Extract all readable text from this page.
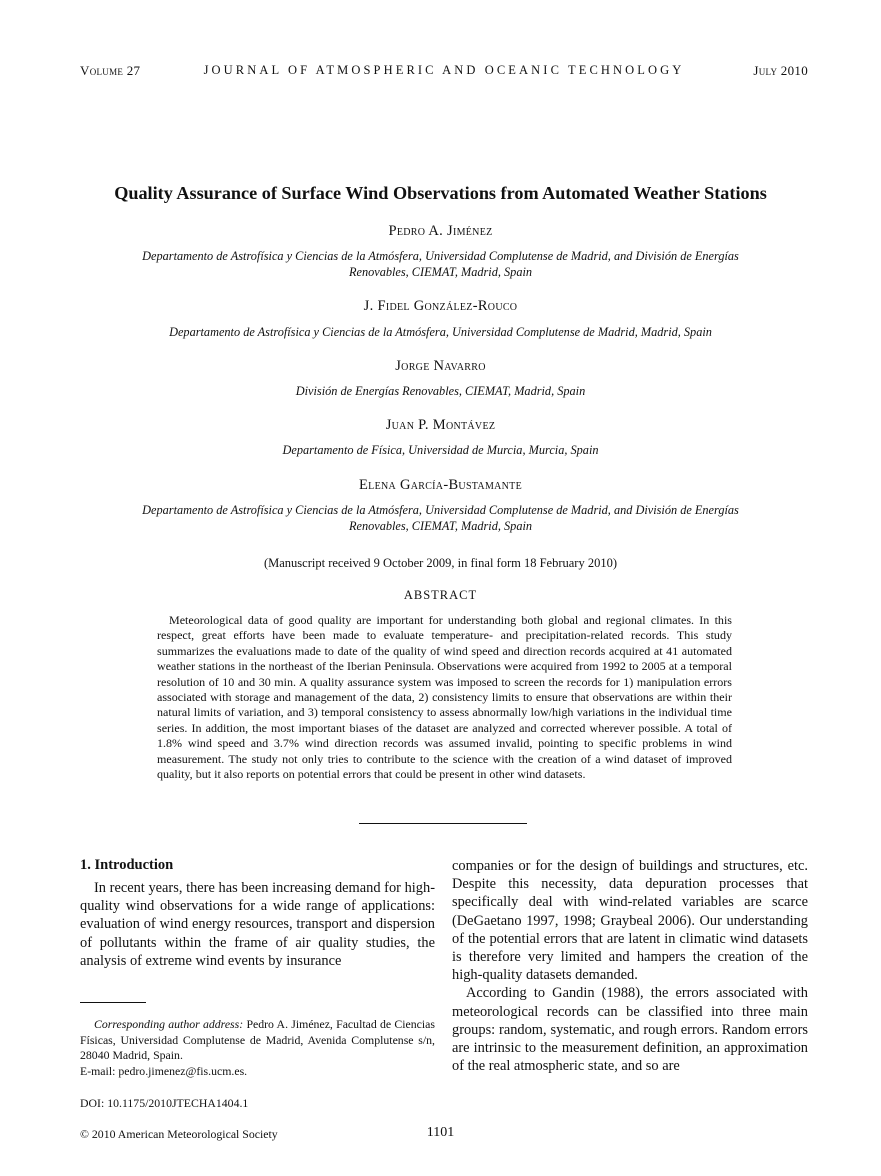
Volume 27	JOURNAL OF ATMOSPHERIC AND OCEANIC TECHNOLOGY	July 2010
Quality Assurance of Surface Wind Observations from Automated Weather Stations
Pedro A. Jiménez
Departamento de Astrofísica y Ciencias de la Atmósfera, Universidad Complutense de Madrid, and División de Energías Renovables, CIEMAT, Madrid, Spain
J. Fidel González-Rouco
Departamento de Astrofísica y Ciencias de la Atmósfera, Universidad Complutense de Madrid, Madrid, Spain
Jorge Navarro
División de Energías Renovables, CIEMAT, Madrid, Spain
Juan P. Montávez
Departamento de Física, Universidad de Murcia, Murcia, Spain
Elena García-Bustamante
Departamento de Astrofísica y Ciencias de la Atmósfera, Universidad Complutense de Madrid, and División de Energías Renovables, CIEMAT, Madrid, Spain
(Manuscript received 9 October 2009, in final form 18 February 2010)
ABSTRACT

Meteorological data of good quality are important for understanding both global and regional climates. In this respect, great efforts have been made to evaluate temperature- and precipitation-related records. This study summarizes the evaluations made to date of the quality of wind speed and direction records acquired at 41 automated weather stations in the northeast of the Iberian Peninsula. Observations were acquired from 1992 to 2005 at a temporal resolution of 10 and 30 min. A quality assurance system was imposed to screen the records for 1) manipulation errors associated with storage and management of the data, 2) consistency limits to ensure that observations are within their natural limits of variation, and 3) temporal consistency to assess abnormally low/high variations in the individual time series. In addition, the most important biases of the dataset are analyzed and corrected wherever possible. A total of 1.8% wind speed and 3.7% wind direction records was assumed invalid, pointing to specific problems in wind measurement. The study not only tries to contribute to the science with the creation of a wind dataset of improved quality, but it also reports on potential errors that could be present in other wind datasets.

1. Introduction

In recent years, there has been increasing demand for high-quality wind observations for a wide range of applications: evaluation of wind energy resources, transport and dispersion of pollutants within the frame of air quality studies, the analysis of extreme wind events by insurance

companies or for the design of buildings and structures, etc. Despite this necessity, data depuration processes that specifically deal with wind-related variables are scarce (DeGaetano 1997, 1998; Graybeal 2006). Our understanding of the potential errors that are latent in climatic wind datasets is therefore very limited and hampers the creation of the high-quality datasets demanded.

According to Gandin (1988), the errors associated with meteorological records can be classified into three main groups: random, systematic, and rough errors. Random errors are intrinsic to the measurement definition, an approximation of the real atmospheric state, and so are

Corresponding author address: Pedro A. Jiménez, Facultad de Ciencias Físicas, Universidad Complutense de Madrid, Avenida Complutense s/n, 28040 Madrid, Spain.

E-mail: pedro.jimenez@fis.ucm.es.

DOI: 10.1175/2010JTECHA1404.1
© 2010 American Meteorological Society	1101
